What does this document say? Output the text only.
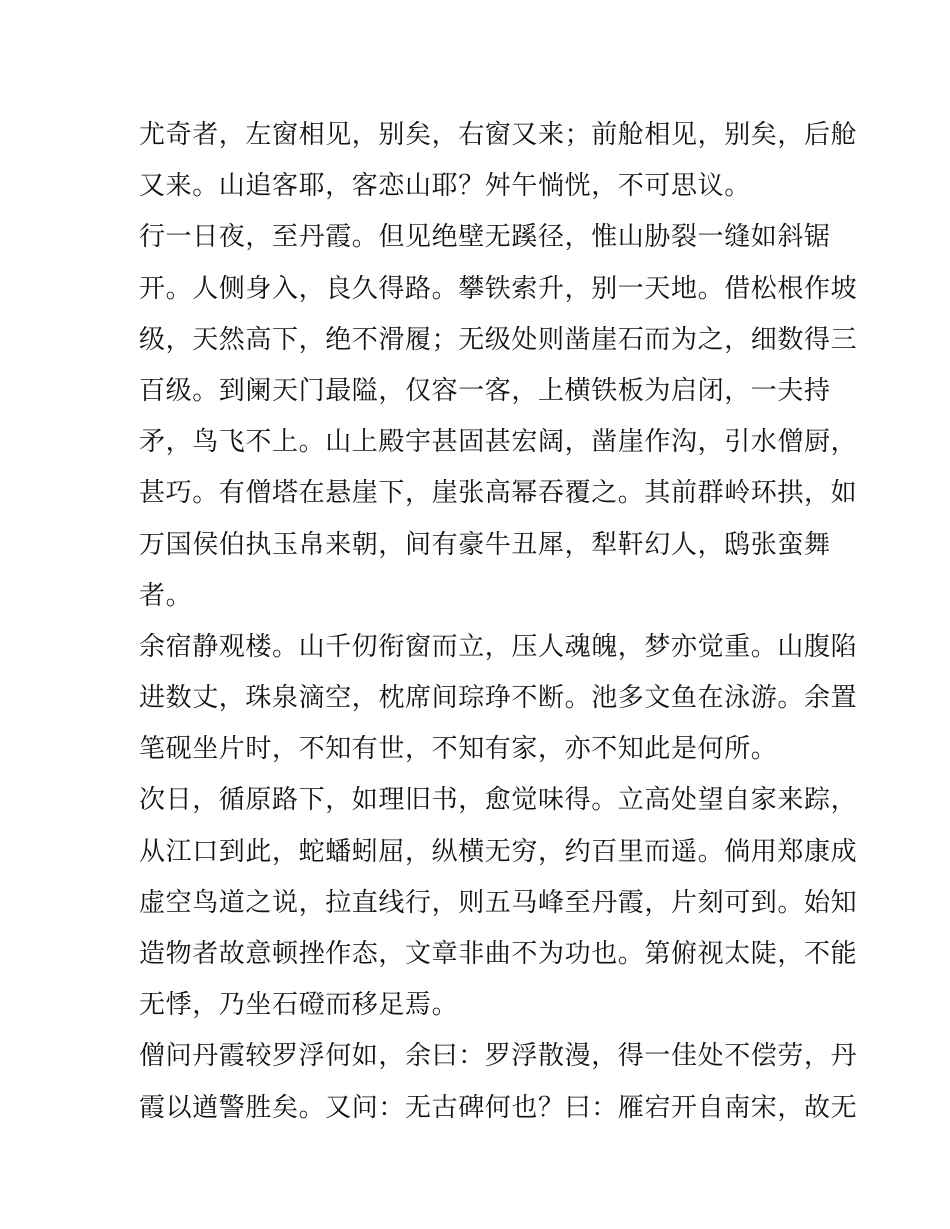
尤奇者，左窗相见，别矣，右窗又来；前舱相见，别矣，后舱
又来。山追客耶，客恋山耶？舛午惝恍，不可思议。
行一日夜，至丹霞。但见绝壁无蹊径，惟山胁裂一缝如斜锯
开。人侧身入，良久得路。攀铁索升，别一天地。借松根作坡
级，天然高下，绝不滑履；无级处则凿崖石而为之，细数得三
百级。到阑天门最隘，仅容一客，上横铁板为启闭，一夫持
矛，鸟飞不上。山上殿宇甚固甚宏阔，凿崖作沟，引水僧厨，
甚巧。有僧塔在悬崖下，崖张高幂吞覆之。其前群岭环拱，如
万国侯伯执玉帛来朝，间有豪牛丑犀，犁靬幻人，鸱张蛮舞
者。
余宿静观楼。山千仞衔窗而立，压人魂魄，梦亦觉重。山腹陷
进数丈，珠泉滴空，枕席间琮琤不断。池多文鱼在泳游。余置
笔砚坐片时，不知有世，不知有家，亦不知此是何所。
次日，循原路下，如理旧书，愈觉味得。立高处望自家来踪，
从江口到此，蛇蟠蚓屈，纵横无穷，约百里而遥。倘用郑康成
虚空鸟道之说，拉直线行，则五马峰至丹霞，片刻可到。始知
造物者故意顿挫作态，文章非曲不为功也。第俯视太陡，不能
无悸，乃坐石磴而移足焉。
僧问丹霞较罗浮何如，余曰：罗浮散漫，得一佳处不偿劳，丹
霞以遒警胜矣。又问：无古碑何也？曰：雁宕开自南宋，故无
